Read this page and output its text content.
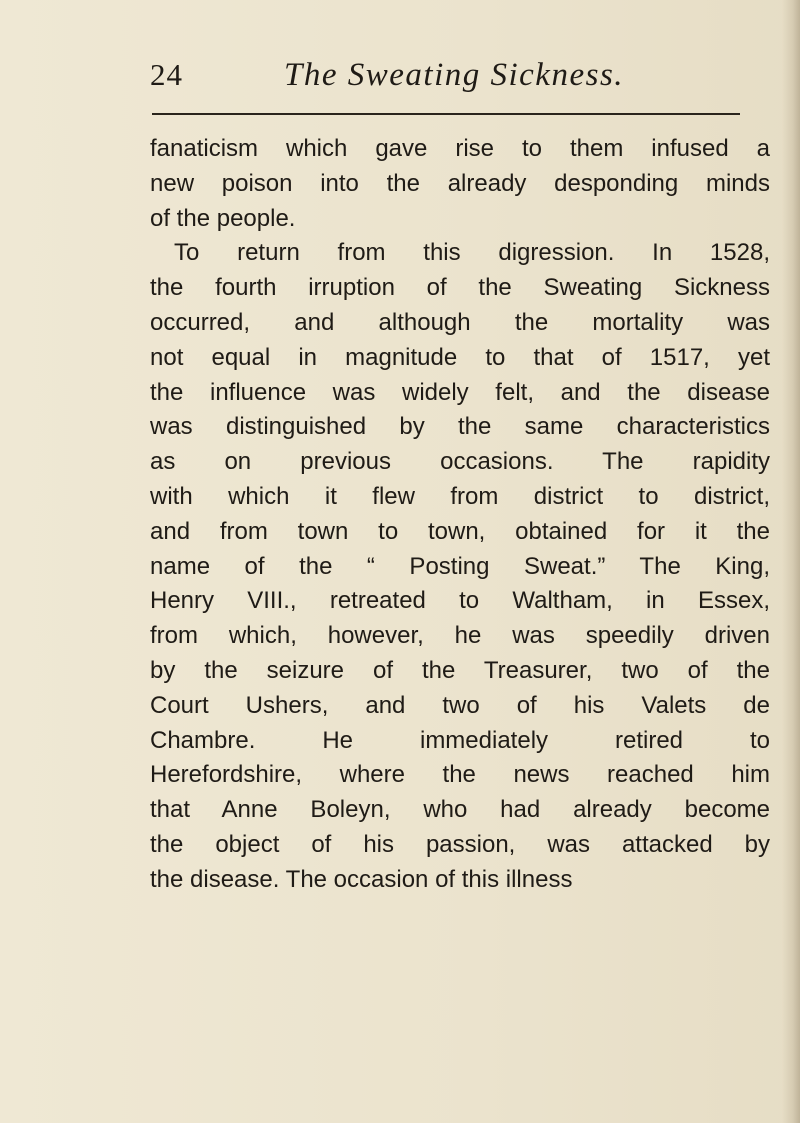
24	The Sweating Sickness.
fanaticism which gave rise to them infused a
new poison into the already desponding minds
of the people.
To return from this digression. In 1528,
the fourth irruption of the Sweating Sickness
occurred, and although the mortality was
not equal in magnitude to that of 1517, yet
the influence was widely felt, and the disease
was distinguished by the same characteristics
as on previous occasions. The rapidity
with which it flew from district to district,
and from town to town, obtained for it the
name of the “ Posting Sweat.” The King,
Henry VIII., retreated to Waltham, in Essex,
from which, however, he was speedily driven
by the seizure of the Treasurer, two of the
Court Ushers, and two of his Valets de
Chambre. He immediately retired to
Herefordshire, where the news reached him
that Anne Boleyn, who had already become
the object of his passion, was attacked by
the disease. The occasion of this illness
